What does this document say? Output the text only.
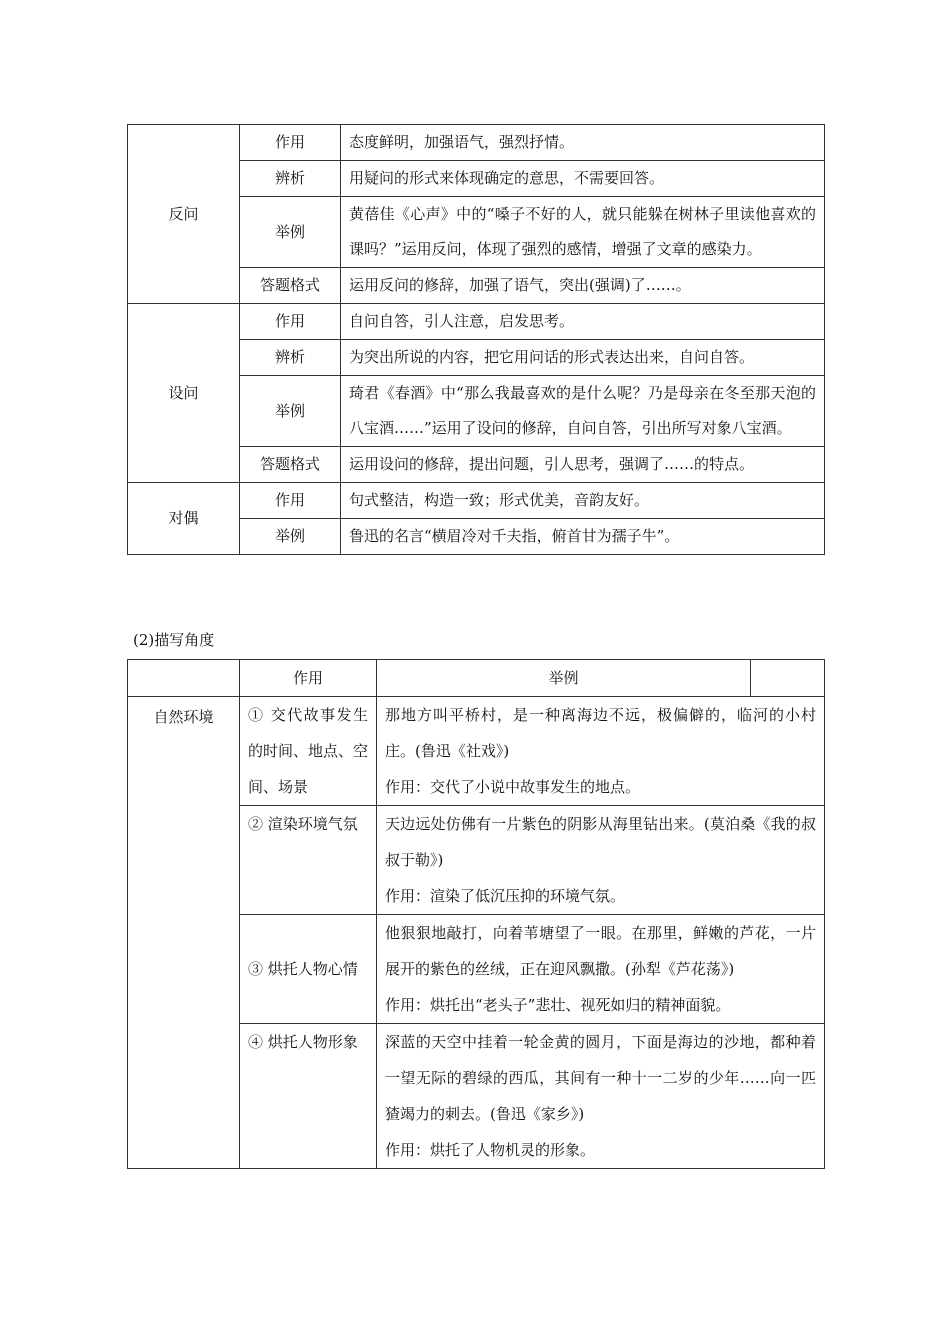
反问	作用	态度鲜明，加强语气，强烈抒情。
	辨析	用疑问的形式来体现确定的意思，不需要回答。
	举例	黄蓓佳《心声》中的“嗓子不好的人，就只能躲在树林子里读他喜欢的课吗？”运用反问，体现了强烈的感情，增强了文章的感染力。
	答题格式	运用反问的修辞，加强了语气，突出(强调)了……。
设问	作用	自问自答，引人注意，启发思考。
	辨析	为突出所说的内容，把它用问话的形式表达出来，自问自答。
	举例	琦君《春酒》中“那么我最喜欢的是什么呢？乃是母亲在冬至那天泡的八宝酒……”运用了设问的修辞，自问自答，引出所写对象八宝酒。
	答题格式	运用设问的修辞，提出问题，引人思考，强调了……的特点。
对偶	作用	句式整洁，构造一致；形式优美，音韵友好。
	举例	鲁迅的名言“横眉冷对千夫指，俯首甘为孺子牛”。
(2)描写角度
	作用	举例	
自然环境	① 交代故事发生的时间、地点、空间、场景	那地方叫平桥村，是一种离海边不远，极偏僻的，临河的小村庄。(鲁迅《社戏》)
作用：交代了小说中故事发生的地点。	

	② 渲染环境气氛	天边远处仿佛有一片紫色的阴影从海里钻出来。(莫泊桑《我的叔叔于勒》)
作用：渲染了低沉压抑的环境气氛。	

	③ 烘托人物心情	他狠狠地敲打，向着苇塘望了一眼。在那里，鲜嫩的芦花，一片展开的紫色的丝绒，正在迎风飘撒。(孙犁《芦花荡》)
作用：烘托出“老头子”悲壮、视死如归的精神面貌。	

	④ 烘托人物形象	深蓝的天空中挂着一轮金黄的圆月，下面是海边的沙地，都种着一望无际的碧绿的西瓜，其间有一种十一二岁的少年……向一匹猹竭力的刺去。(鲁迅《家乡》)
作用：烘托了人物机灵的形象。	
